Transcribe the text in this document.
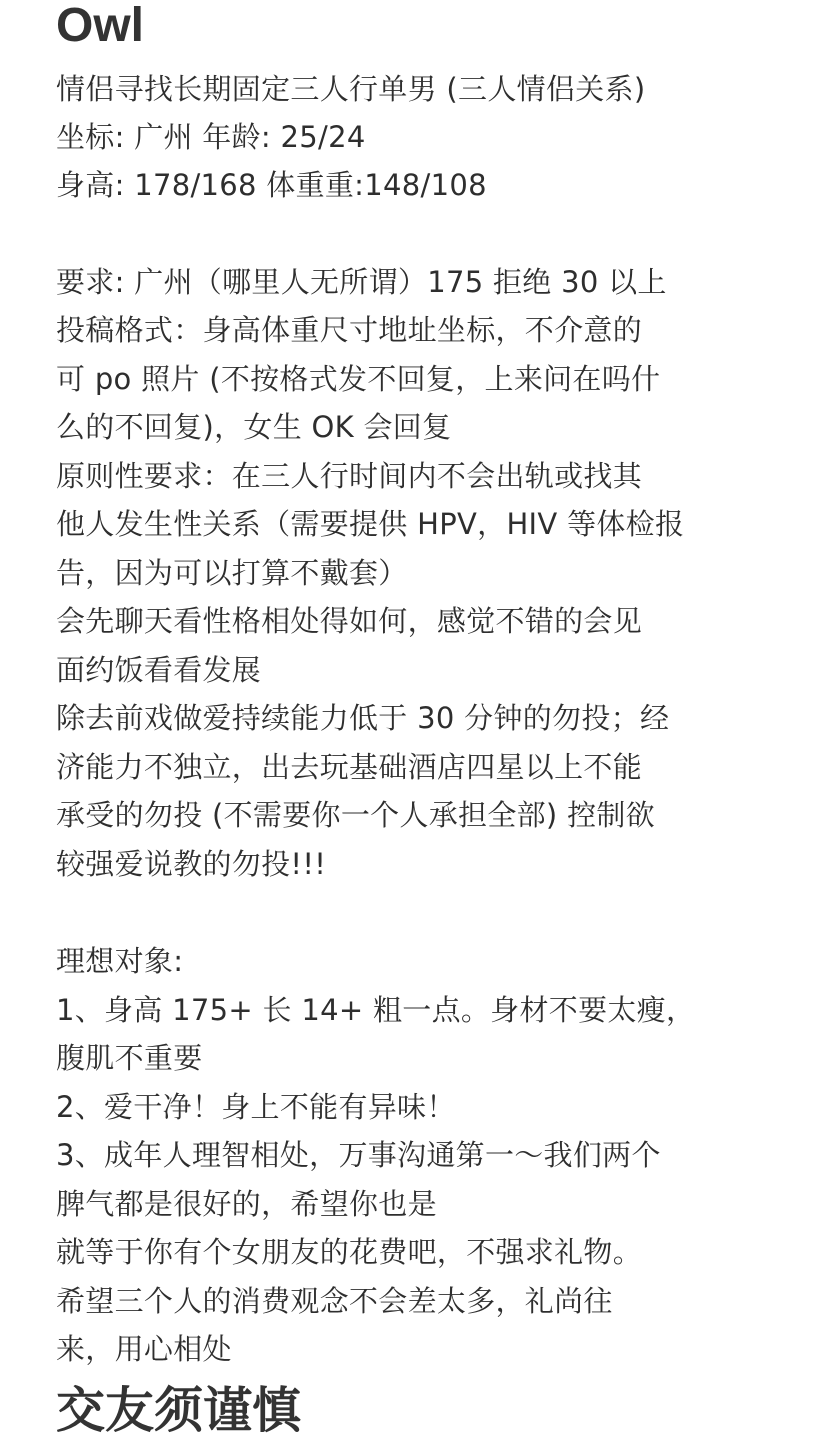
Owl
情侣寻找长期固定三人行单男 (三人情侣关系)
坐标: 广州 年龄: 25/24
身高: 178/168 体重重:148/108
要求: 广州（哪里人无所谓）175 拒绝 30 以上
投稿格式：身高体重尺寸地址坐标，不介意的
可 po 照片 (不按格式发不回复，上来问在吗什
么的不回复)，女生 OK 会回复
原则性要求：在三人行时间内不会出轨或找其
他人发生性关系（需要提供 HPV，HIV 等体检报
告，因为可以打算不戴套）
会先聊天看性格相处得如何，感觉不错的会见
面约饭看看发展
除去前戏做爱持续能力低于 30 分钟的勿投；经
济能力不独立，出去玩基础酒店四星以上不能
承受的勿投 (不需要你一个人承担全部) 控制欲
较强爱说教的勿投!!!
理想对象:
1、身高 175+ 长 14+ 粗一点。身材不要太瘦，
腹肌不重要
2、爱干净！身上不能有异味！
3、成年人理智相处，万事沟通第一～我们两个
脾气都是很好的，希望你也是
就等于你有个女朋友的花费吧，不强求礼物。
希望三个人的消费观念不会差太多，礼尚往
来，用心相处
交友须谨慎
